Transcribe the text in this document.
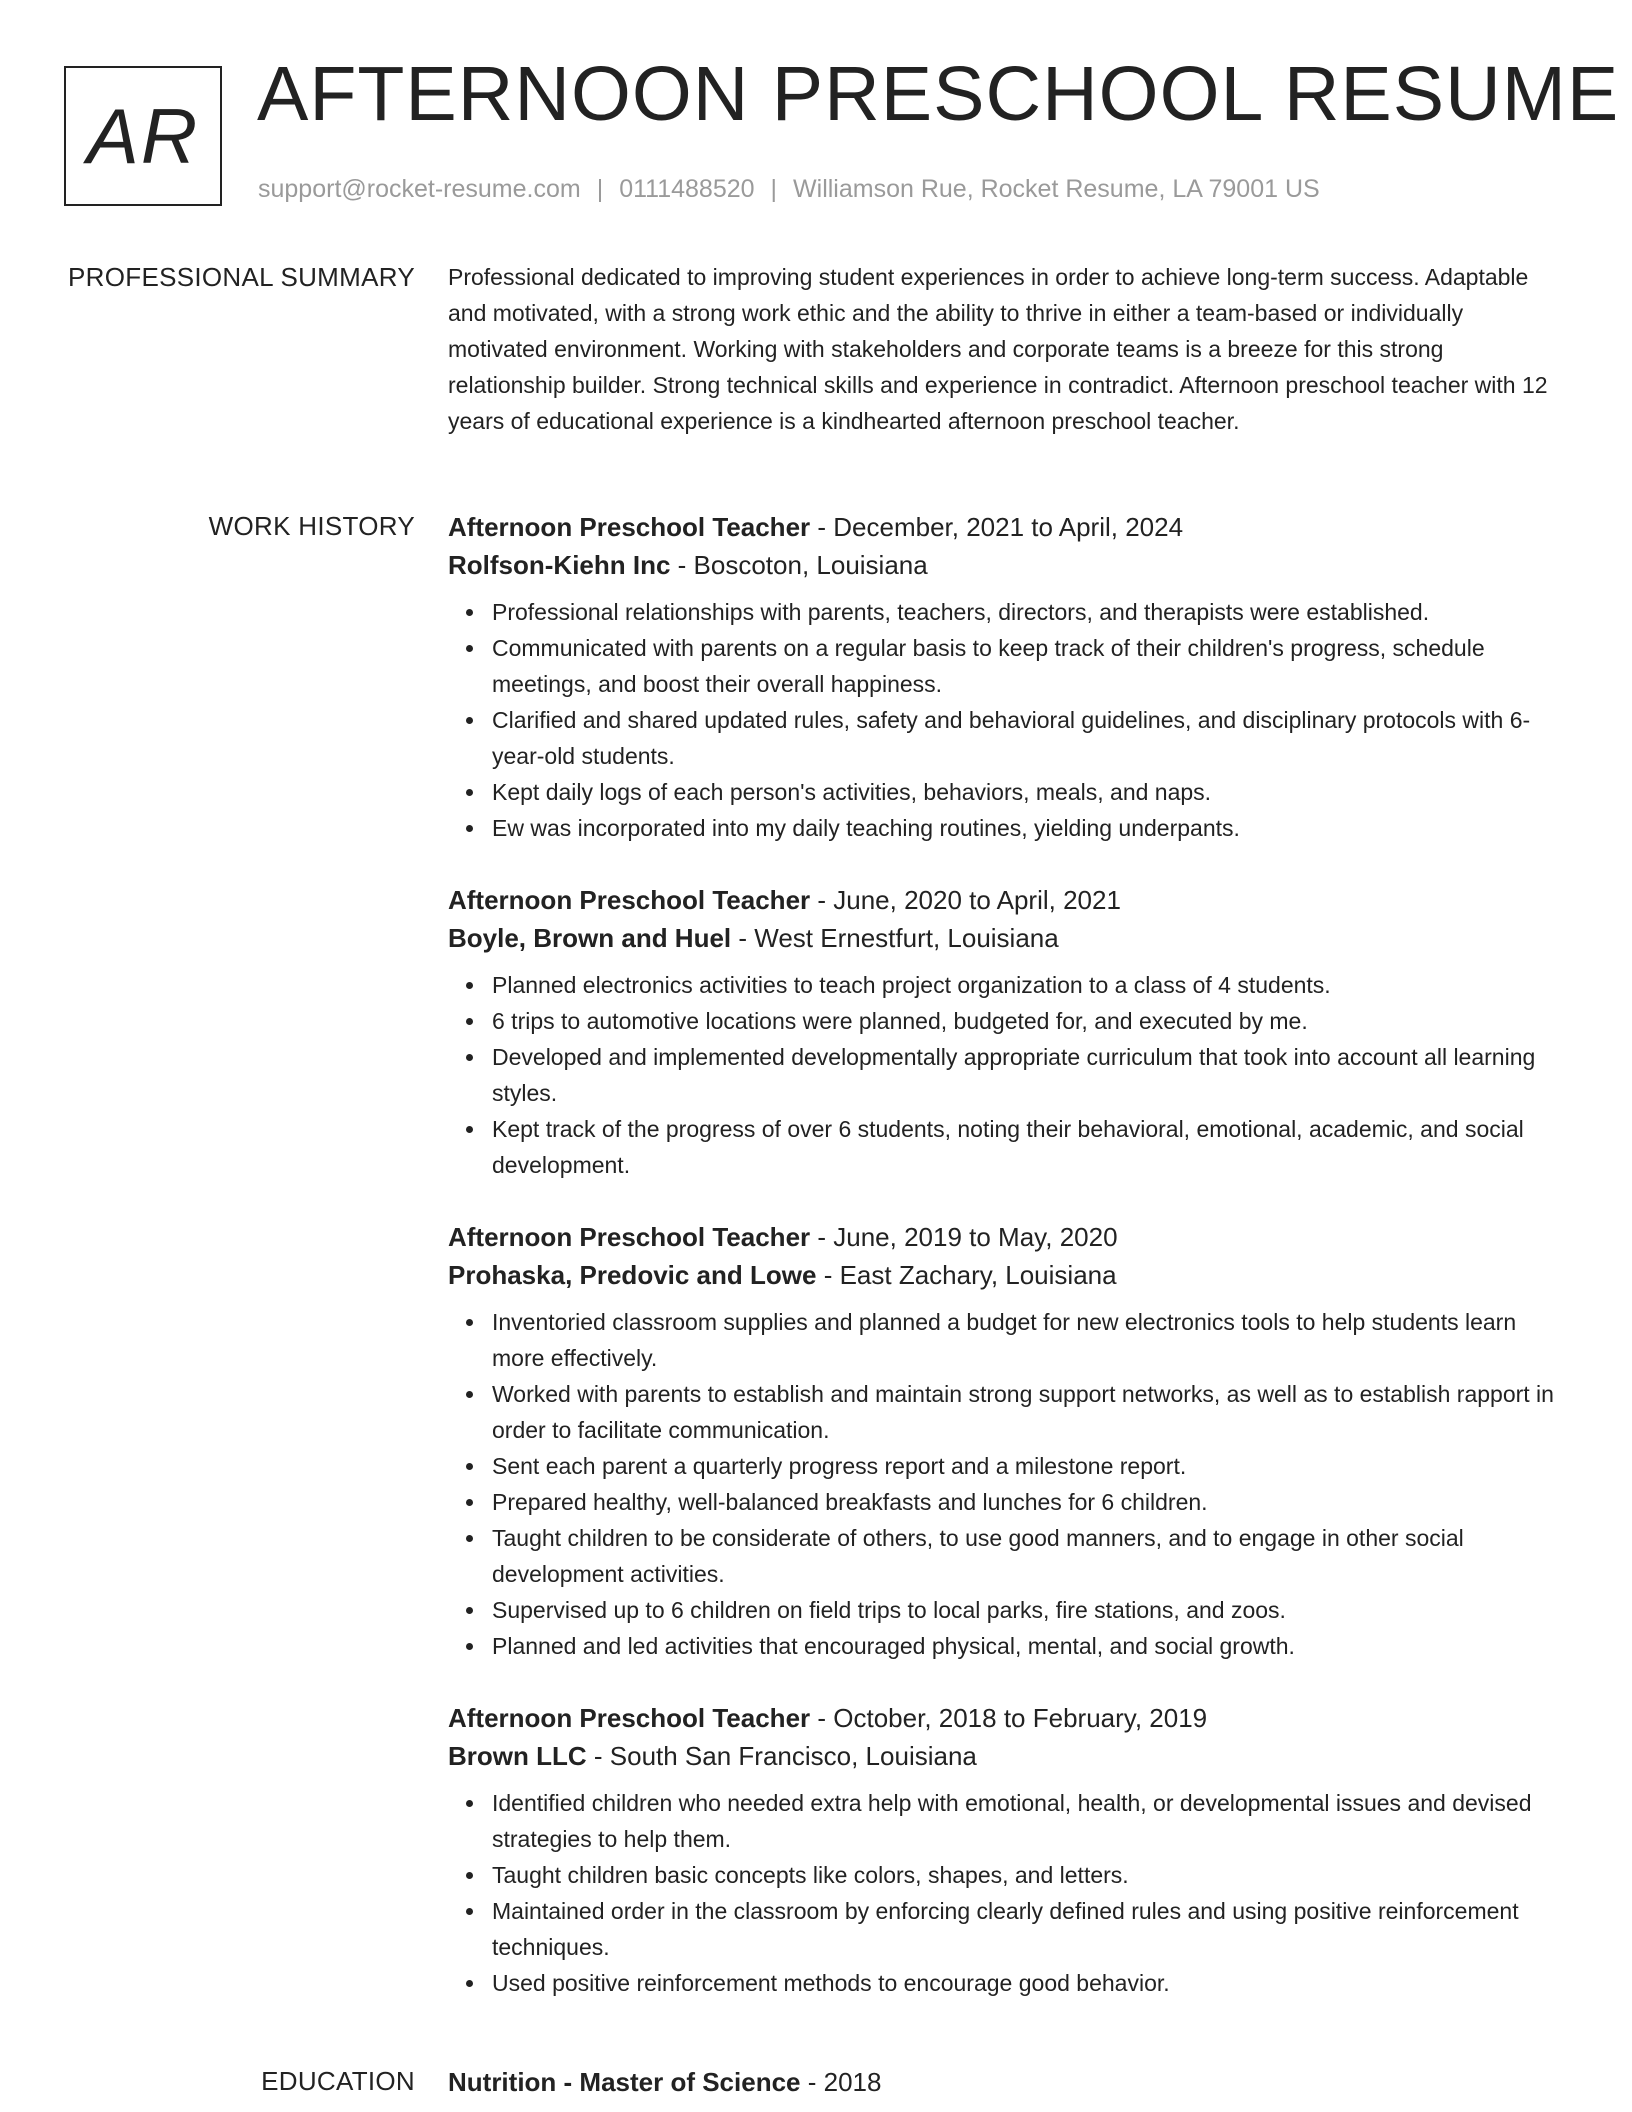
AR AFTERNOON PRESCHOOL RESUME
support@rocket-resume.com | 0111488520 | Williamson Rue, Rocket Resume, LA 79001 US
PROFESSIONAL SUMMARY Professional dedicated to improving student experiences in order to achieve long-term success. Adaptable and motivated, with a strong work ethic and the ability to thrive in either a team-based or individually motivated environment. Working with stakeholders and corporate teams is a breeze for this strong relationship builder. Strong technical skills and experience in contradict. Afternoon preschool teacher with 12 years of educational experience is a kindhearted afternoon preschool teacher.

WORK HISTORY Afternoon Preschool Teacher - December, 2021 to April, 2024
Rolfson-Kiehn Inc - Boscoton, Louisiana
Professional relationships with parents, teachers, directors, and therapists were established.
Communicated with parents on a regular basis to keep track of their children's progress, schedule meetings, and boost their overall happiness.
Clarified and shared updated rules, safety and behavioral guidelines, and disciplinary protocols with 6-year-old students.
Kept daily logs of each person's activities, behaviors, meals, and naps.
Ew was incorporated into my daily teaching routines, yielding underpants.
Afternoon Preschool Teacher - June, 2020 to April, 2021
Boyle, Brown and Huel - West Ernestfurt, Louisiana
Planned electronics activities to teach project organization to a class of 4 students.
6 trips to automotive locations were planned, budgeted for, and executed by me.
Developed and implemented developmentally appropriate curriculum that took into account all learning styles.
Kept track of the progress of over 6 students, noting their behavioral, emotional, academic, and social development.
Afternoon Preschool Teacher - June, 2019 to May, 2020
Prohaska, Predovic and Lowe - East Zachary, Louisiana
Inventoried classroom supplies and planned a budget for new electronics tools to help students learn more effectively.
Worked with parents to establish and maintain strong support networks, as well as to establish rapport in order to facilitate communication.
Sent each parent a quarterly progress report and a milestone report.
Prepared healthy, well-balanced breakfasts and lunches for 6 children.
Taught children to be considerate of others, to use good manners, and to engage in other social development activities.
Supervised up to 6 children on field trips to local parks, fire stations, and zoos.
Planned and led activities that encouraged physical, mental, and social growth.
Afternoon Preschool Teacher - October, 2018 to February, 2019
Brown LLC - South San Francisco, Louisiana
Identified children who needed extra help with emotional, health, or developmental issues and devised strategies to help them.
Taught children basic concepts like colors, shapes, and letters.
Maintained order in the classroom by enforcing clearly defined rules and using positive reinforcement techniques.
Used positive reinforcement methods to encourage good behavior.
EDUCATION Nutrition - Master of Science - 2018
